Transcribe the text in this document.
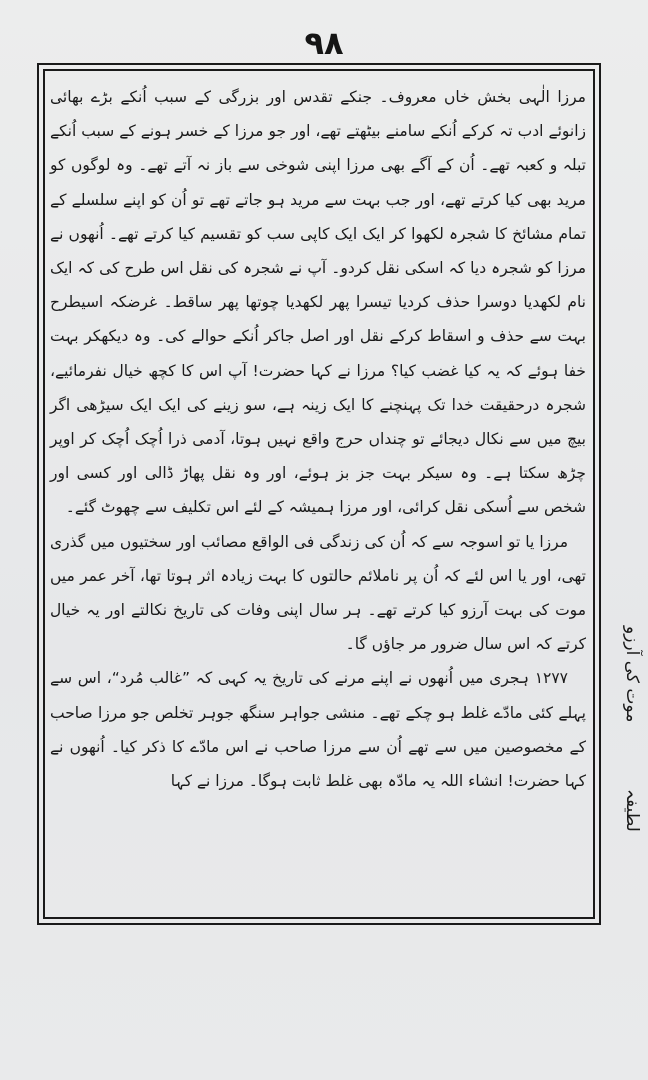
۹۸

مرزا الٰہی بخش خاں معروف۔ جنکے تقدس اور بزرگی کے سبب اُنکے بڑے بھائی زانوئے ادب تہ کرکے اُنکے سامنے بیٹھتے تھے، اور جو مرزا کے خسر ہونے کے سبب اُنکے تبلہ و کعبہ تھے۔ اُن کے آگے بھی مرزا اپنی شوخی سے باز نہ آتے تھے۔ وہ لوگوں کو مرید بھی کیا کرتے تھے، اور جب بہت سے مرید ہو جاتے تھے تو اُن کو اپنے سلسلے کے تمام مشائخ کا شجرہ لکھوا کر ایک ایک کاپی سب کو تقسیم کیا کرتے تھے۔ اُنھوں نے مرزا کو شجرہ دیا کہ اسکی نقل کردو۔ آپ نے شجرہ کی نقل اس طرح کی کہ ایک نام لکھدیا دوسرا حذف کردیا تیسرا پھر لکھدیا چوتھا پھر ساقط۔ غرضکہ اسیطرح بہت سے حذف و اسقاط کرکے نقل اور اصل جاکر اُنکے حوالے کی۔ وہ دیکھکر بہت خفا ہوئے کہ یہ کیا غضب کیا؟ مرزا نے کہا حضرت! آپ اس کا کچھ خیال نفرمائیے، شجرہ درحقیقت خدا تک پہنچنے کا ایک زینہ ہے، سو زینے کی ایک ایک سیڑھی اگر بیچ میں سے نکال دیجائے تو چنداں حرج واقع نہیں ہوتا، آدمی ذرا اُچک اُچک کر اوپر چڑھ سکتا ہے۔ وہ سیکر بہت جز بز ہوئے، اور وہ نقل پھاڑ ڈالی اور کسی اور شخص سے اُسکی نقل کرائی، اور مرزا ہمیشہ کے لئے اس تکلیف سے چھوٹ گئے۔

مرزا یا تو اسوجہ سے کہ اُن کی زندگی فی الواقع مصائب اور سختیوں میں گذری تھی، اور یا اس لئے کہ اُن پر ناملائم حالتوں کا بہت زیادہ اثر ہوتا تھا، آخر عمر میں موت کی بہت آرزو کیا کرتے تھے۔ ہر سال اپنی وفات کی تاریخ نکالتے اور یہ خیال کرتے کہ اس سال ضرور مر جاؤں گا۔

۱۲۷۷ ہجری میں اُنھوں نے اپنے مرنے کی تاریخ یہ کہی کہ ”غالب مُرد“، اس سے پہلے کئی مادّے غلط ہو چکے تھے۔ منشی جواہر سنگھ جوہر تخلص جو مرزا صاحب کے مخصوصین میں سے تھے اُن سے مرزا صاحب نے اس مادّے کا ذکر کیا۔ اُنھوں نے کہا حضرت! انشاء اللہ یہ مادّہ بھی غلط ثابت ہوگا۔ مرزا نے کہا

موت کی آرزو
لطیفہ
